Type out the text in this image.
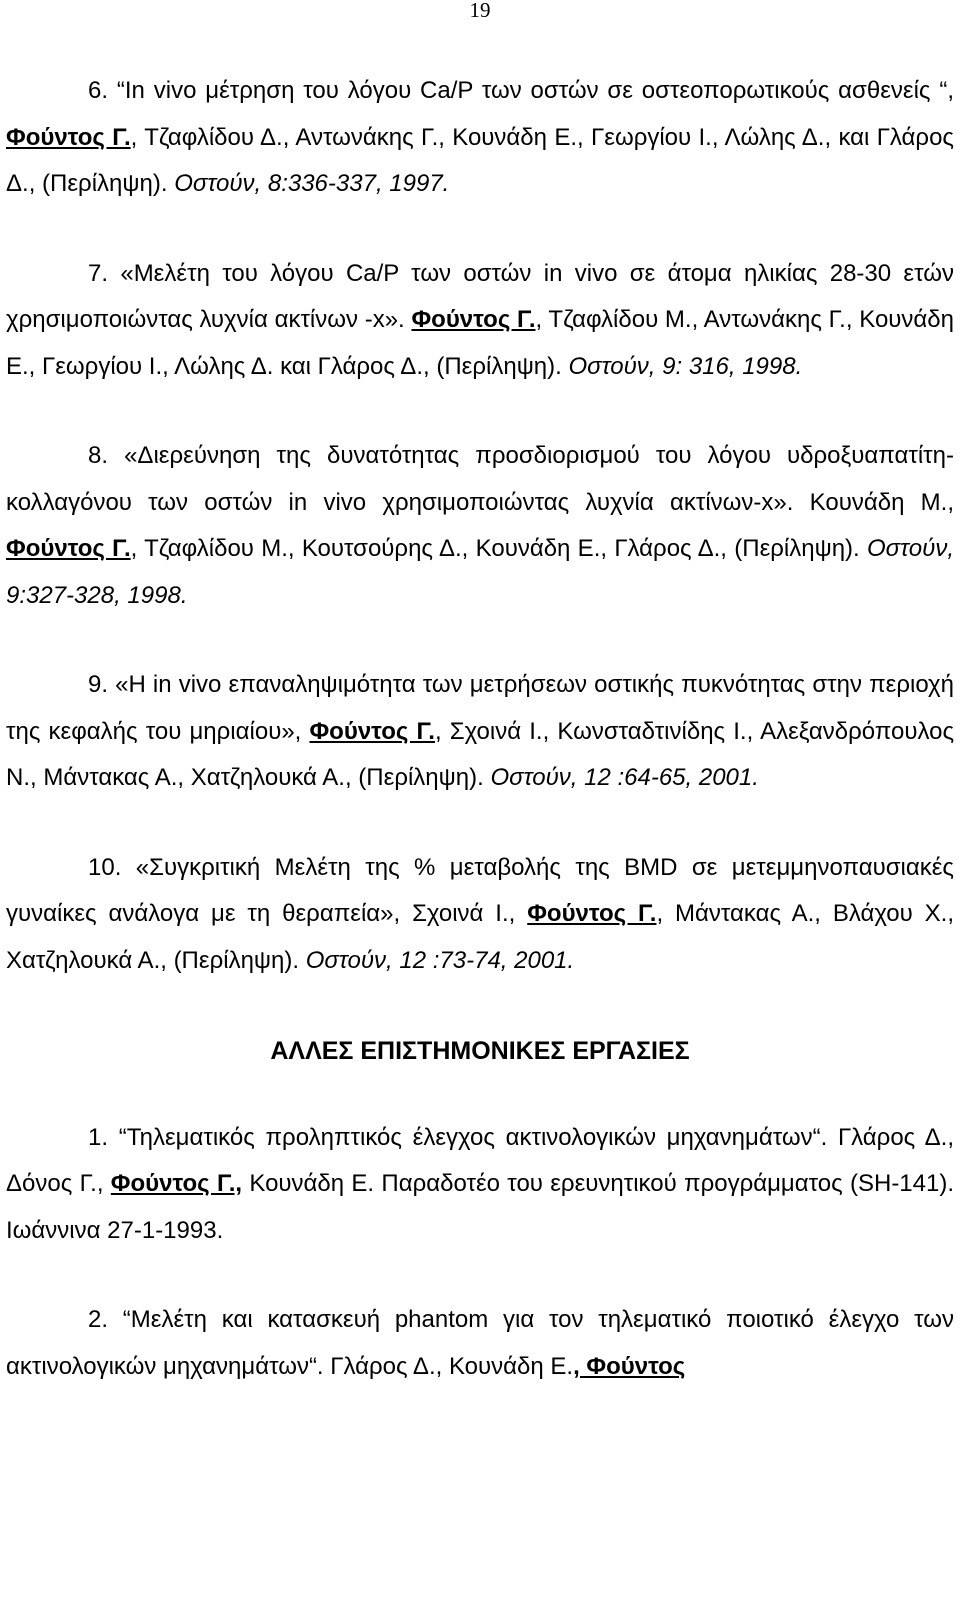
19
6. “In vivo μέτρηση του λόγου Ca/P των οστών σε οστεοπορωτικούς ασθενείς “, Φούντος Γ., Τζαφλίδου Δ., Αντωνάκης Γ., Κουνάδη Ε., Γεωργίου Ι., Λώλης Δ., και Γλάρος Δ., (Περίληψη). Οστούν, 8:336-337, 1997.
7. «Μελέτη του λόγου Ca/P των οστών in vivo σε άτομα ηλικίας 28-30 ετών χρησιμοποιώντας λυχνία ακτίνων -x». Φούντος Γ., Τζαφλίδου Μ., Αντωνάκης Γ., Κουνάδη Ε., Γεωργίου Ι., Λώλης Δ. και Γλάρος Δ., (Περίληψη). Οστούν, 9: 316, 1998.
8. «Διερεύνηση της δυνατότητας προσδιορισμού του λόγου υδροξυαπατίτη- κολλαγόνου των οστών in vivo χρησιμοποιώντας λυχνία ακτίνων-x». Κουνάδη Μ., Φούντος Γ., Τζαφλίδου Μ., Κουτσούρης Δ., Κουνάδη Ε., Γλάρος Δ., (Περίληψη). Οστούν, 9:327-328, 1998.
9. «Η in vivo επαναληψιμότητα των μετρήσεων οστικής πυκνότητας στην περιοχή της κεφαλής του μηριαίου», Φούντος Γ., Σχοινά Ι., Κωνσταδτινίδης Ι., Αλεξανδρόπουλος Ν., Μάντακας Α., Χατζηλουκά Α., (Περίληψη). Οστούν, 12 :64-65, 2001.
10. «Συγκριτική Μελέτη της % μεταβολής της BMD σε μετεμμηνοπαυσιακές γυναίκες ανάλογα με τη θεραπεία», Σχοινά Ι., Φούντος Γ., Μάντακας Α., Βλάχου Χ., Χατζηλουκά Α., (Περίληψη). Οστούν, 12 :73-74, 2001.
ΑΛΛΕΣ ΕΠΙΣΤΗΜΟΝΙΚΕΣ ΕΡΓΑΣΙΕΣ
1. “Τηλεματικός προληπτικός έλεγχος ακτινολογικών μηχανημάτων“. Γλάρος Δ., Δόνος Γ., Φούντος Γ., Κουνάδη Ε. Παραδοτέο του ερευνητικού προγράμματος (SH-141). Ιωάννινα 27-1-1993.
2. “Μελέτη και κατασκευή phantom για τον τηλεματικό ποιοτικό έλεγχο των ακτινολογικών μηχανημάτων“. Γλάρος Δ., Κουνάδη Ε., Φούντος
